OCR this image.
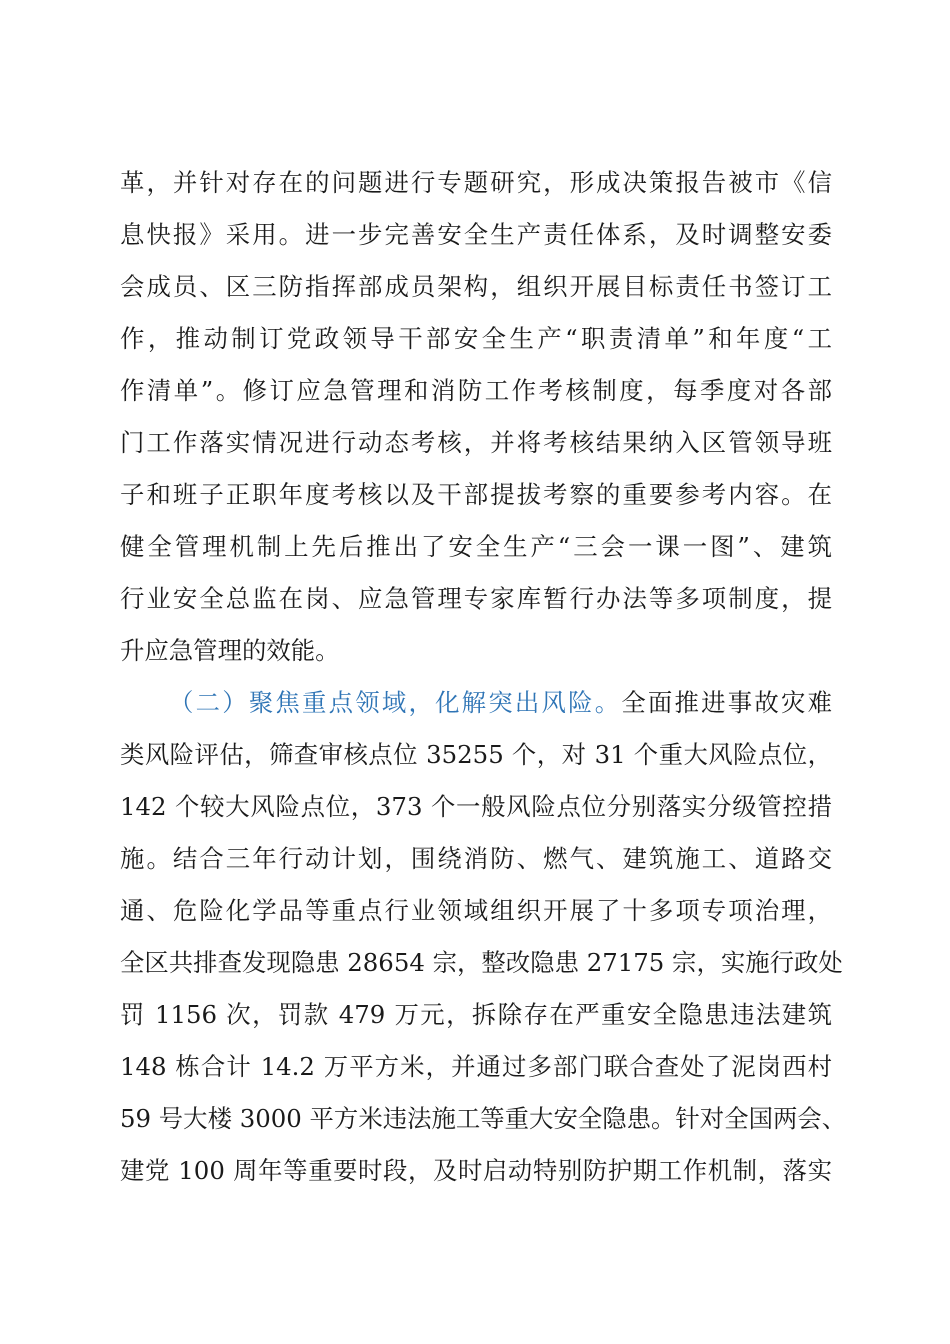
革，并针对存在的问题进行专题研究，形成决策报告被市《信
息快报》采用。进一步完善安全生产责任体系，及时调整安委
会成员、区三防指挥部成员架构，组织开展目标责任书签订工
作，推动制订党政领导干部安全生产“职责清单”和年度“工
作清单”。修订应急管理和消防工作考核制度，每季度对各部
门工作落实情况进行动态考核，并将考核结果纳入区管领导班
子和班子正职年度考核以及干部提拔考察的重要参考内容。在
健全管理机制上先后推出了安全生产“三会一课一图”、建筑
行业安全总监在岗、应急管理专家库暂行办法等多项制度，提
升应急管理的效能。
（二）聚焦重点领域，化解突出风险。全面推进事故灾难
类风险评估，筛查审核点位 35255 个，对 31 个重大风险点位，
142 个较大风险点位，373 个一般风险点位分别落实分级管控措
施。结合三年行动计划，围绕消防、燃气、建筑施工、道路交
通、危险化学品等重点行业领域组织开展了十多项专项治理，
全区共排查发现隐患 28654 宗，整改隐患 27175 宗，实施行政处
罚 1156 次，罚款 479 万元，拆除存在严重安全隐患违法建筑
148 栋合计 14.2 万平方米，并通过多部门联合查处了泥岗西村
59 号大楼 3000 平方米违法施工等重大安全隐患。针对全国两会、
建党 100 周年等重要时段，及时启动特别防护期工作机制，落实
